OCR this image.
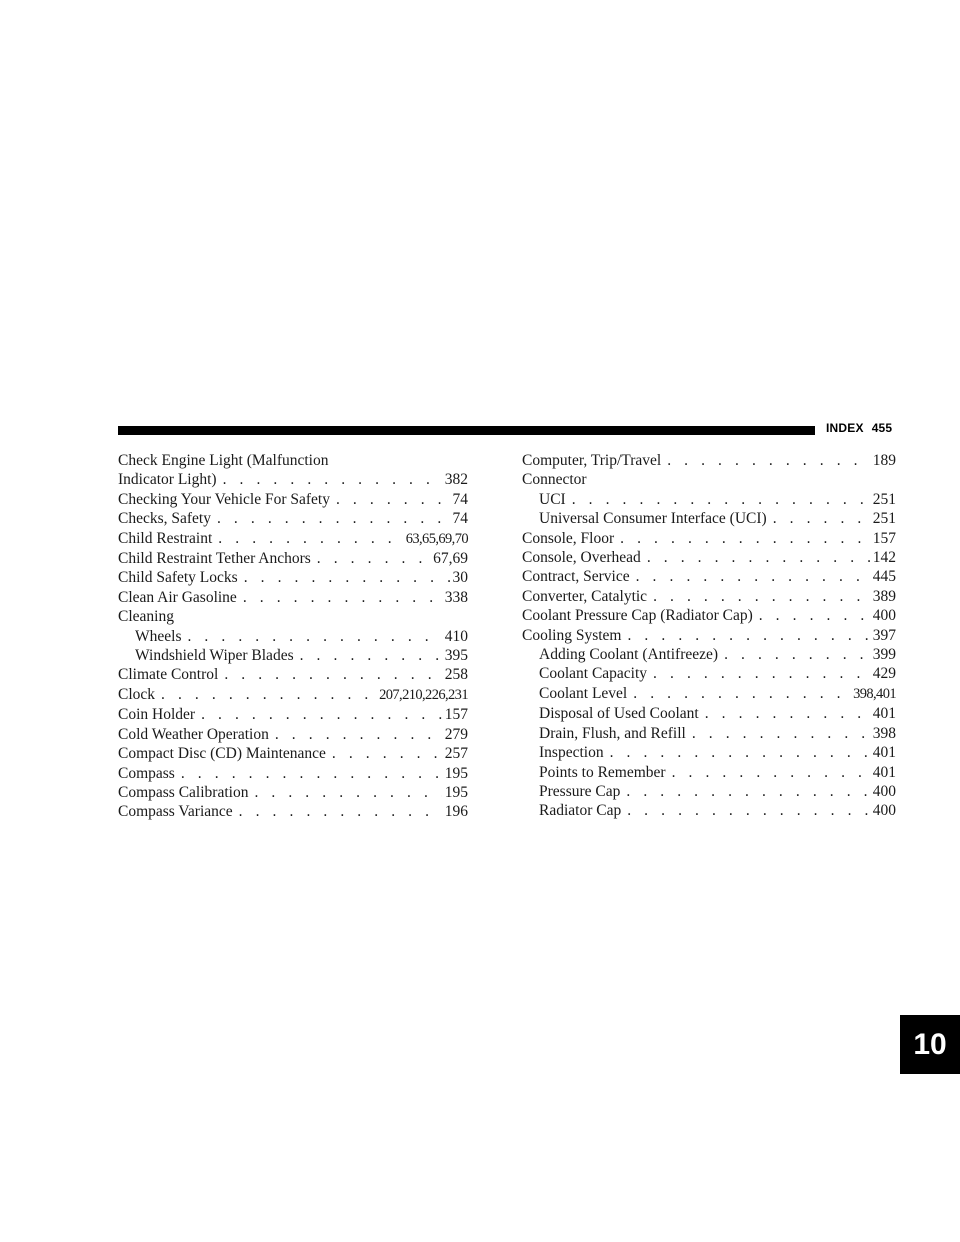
INDEX 455
Check Engine Light (Malfunction
Indicator Light) . . .	382
Checking Your Vehicle For Safety . . .	74
Checks, Safety . . .	74
Child Restraint . . .	63,65,69,70
Child Restraint Tether Anchors . . .	67,69
Child Safety Locks . . .	30
Clean Air Gasoline . . .	338
Cleaning
Wheels . . .	410
Windshield Wiper Blades . . .	395
Climate Control . . .	258
Clock . . .	207,210,226,231
Coin Holder . . .	157
Cold Weather Operation . . .	279
Compact Disc (CD) Maintenance . . .	257
Compass . . .	195
Compass Calibration . . .	195
Compass Variance . . .	196
Computer, Trip/Travel . . .	189
Connector
UCI . . .	251
Universal Consumer Interface (UCI) . . .	251
Console, Floor . . .	157
Console, Overhead . . .	142
Contract, Service . . .	445
Converter, Catalytic . . .	389
Coolant Pressure Cap (Radiator Cap) . . .	400
Cooling System . . .	397
Adding Coolant (Antifreeze) . . .	399
Coolant Capacity . . .	429
Coolant Level . . .	398,401
Disposal of Used Coolant . . .	401
Drain, Flush, and Refill . . .	398
Inspection . . .	401
Points to Remember . . .	401
Pressure Cap . . .	400
Radiator Cap . . .	400
10
